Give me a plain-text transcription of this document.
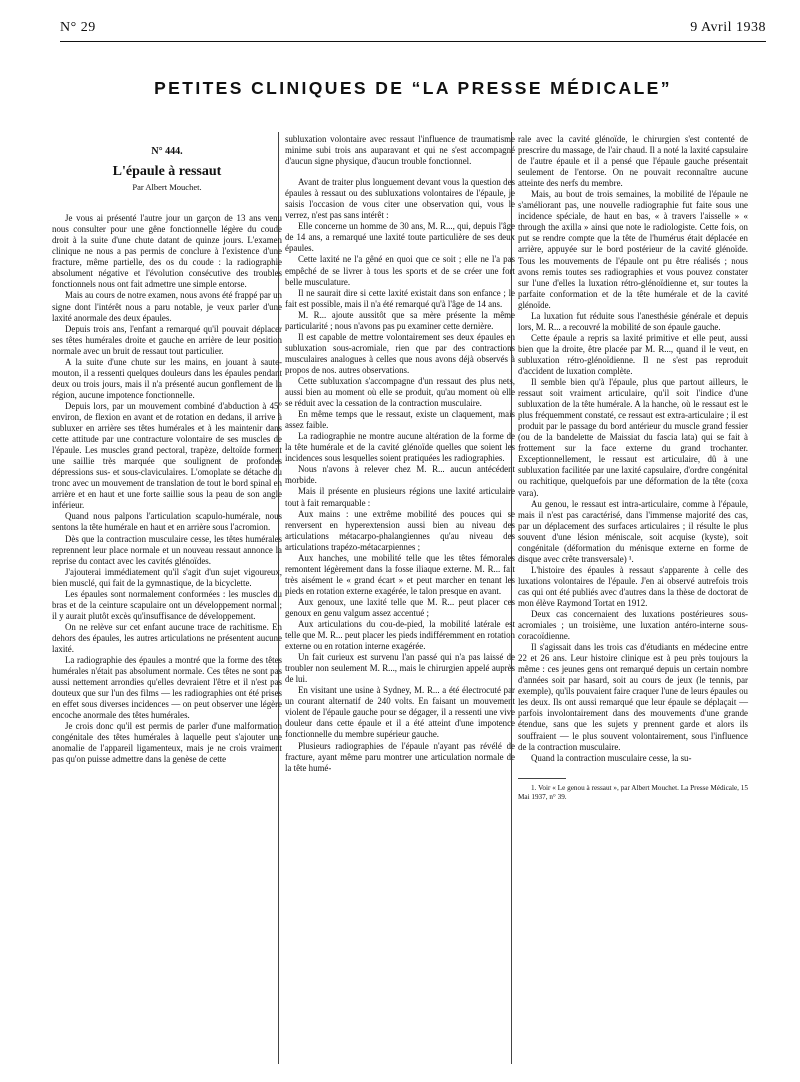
N° 29	9 Avril 1938
PETITES CLINIQUES DE “LA PRESSE MÉDICALE”
N° 444.
L'épaule à ressaut
Par Albert Mouchet.

Je vous ai présenté l'autre jour un garçon de 13 ans venu nous consulter pour une gêne fonctionnelle légère du coude droit à la suite d'une chute datant de quinze jours. L'examen clinique ne nous a pas permis de conclure à l'existence d'une fracture, même partielle, des os du coude : la radiographie absolument négative et l'évolution consécutive des troubles fonctionnels nous ont fait admettre une simple entorse.

Mais au cours de notre examen, nous avons été frappé par un signe dont l'intérêt nous a paru notable, je veux parler d'une laxité anormale des deux épaules.

Depuis trois ans, l'enfant a remarqué qu'il pouvait déplacer ses têtes humérales droite et gauche en arrière de leur position normale avec un bruit de ressaut tout particulier.

A la suite d'une chute sur les mains, en jouant à saute-mouton, il a ressenti quelques douleurs dans les épaules pendant deux ou trois jours, mais il n'a présenté aucun gonflement de la région, aucune impotence fonctionnelle.

Depuis lors, par un mouvement combiné d'abduction à 45° environ, de flexion en avant et de rotation en dedans, il arrive à subluxer en arrière ses têtes humérales et à les maintenir dans cette attitude par une contracture volontaire de ses muscles de l'épaule. Les muscles grand pectoral, trapèze, deltoïde forment une saillie très marquée que soulignent de profondes dépressions sus- et sous-claviculaires. L'omoplate se détache du tronc avec un mouvement de translation de tout le bord spinal en arrière et en haut et une forte saillie sous la peau de son angle inférieur.

Quand nous palpons l'articulation scapulo-humérale, nous sentons la tête humérale en haut et en arrière sous l'acromion.

Dès que la contraction musculaire cesse, les têtes humérales reprennent leur place normale et un nouveau ressaut annonce la reprise du contact avec les cavités glénoïdes.

J'ajouterai immédiatement qu'il s'agit d'un sujet vigoureux, bien musclé, qui fait de la gymnastique, de la bicyclette.

Les épaules sont normalement conformées : les muscles du bras et de la ceinture scapulaire ont un développement normal ; il y aurait plutôt excès qu'insuffisance de développement.

On ne relève sur cet enfant aucune trace de rachitisme. En dehors des épaules, les autres articulations ne présentent aucune laxité.

La radiographie des épaules a montré que la forme des têtes humérales n'était pas absolument normale. Ces têtes ne sont pas aussi nettement arrondies qu'elles devraient l'être et il n'est pas douteux que sur l'un des films — les radiographies ont été prises en effet sous diverses incidences — on peut observer une légère encoche anormale des têtes humérales.

Je crois donc qu'il est permis de parler d'une malformation congénitale des têtes humérales à laquelle peut s'ajouter une anomalie de l'appareil ligamenteux, mais je ne crois vraiment pas qu'on puisse admettre dans la genèse de cette

subluxation volontaire avec ressaut l'influence de traumatisme minime subi trois ans auparavant et qui ne s'est accompagné d'aucun signe physique, d'aucun trouble fonctionnel.

Avant de traiter plus longuement devant vous la question des épaules à ressaut ou des subluxations volontaires de l'épaule, je saisis l'occasion de vous citer une observation qui, vous le verrez, n'est pas sans intérêt :

Elle concerne un homme de 30 ans, M. R..., qui, depuis l'âge de 14 ans, a remarqué une laxité toute particulière de ses deux épaules.

Cette laxité ne l'a gêné en quoi que ce soit ; elle ne l'a pas empêché de se livrer à tous les sports et de se créer une fort belle musculature.

Il ne saurait dire si cette laxité existait dans son enfance ; le fait est possible, mais il n'a été remarqué qu'à l'âge de 14 ans.

M. R... ajoute aussitôt que sa mère présente la même particularité ; nous n'avons pas pu examiner cette dernière.

Il est capable de mettre volontairement ses deux épaules en subluxation sous-acromiale, rien que par des contractions musculaires analogues à celles que nous avons déjà observés à propos de nos. autres observations.

Cette subluxation s'accompagne d'un ressaut des plus nets, aussi bien au moment où elle se produit, qu'au moment où elle se réduit avec la cessation de la contraction musculaire.

En même temps que le ressaut, existe un claquement, mais assez faible.

La radiographie ne montre aucune altération de la forme de la tête humérale et de la cavité glénoïde quelles que soient les incidences sous lesquelles soient pratiquées les radiographies.

Nous n'avons à relever chez M. R... aucun antécédent morbide.

Mais il présente en plusieurs régions une laxité articulaire tout à fait remarquable :

Aux mains : une extrême mobilité des pouces qui se renversent en hyperextension aussi bien au niveau des articulations métacarpo-phalangiennes qu'au niveau des articulations trapézo-métacarpiennes ;

Aux hanches, une mobilité telle que les têtes fémorales remontent légèrement dans la fosse iliaque externe. M. R... fait très aisément le « grand écart » et peut marcher en tenant les pieds en rotation externe exagérée, le talon presque en avant.

Aux genoux, une laxité telle que M. R... peut placer ces genoux en genu valgum assez accentué ;

Aux articulations du cou-de-pied, la mobilité latérale est telle que M. R... peut placer les pieds indifféremment en rotation externe ou en rotation interne exagérée.

Un fait curieux est survenu l'an passé qui n'a pas laissé de troubler non seulement M. R..., mais le chirurgien appelé auprès de lui.

En visitant une usine à Sydney, M. R... a été électrocuté par un courant alternatif de 240 volts. En faisant un mouvement violent de l'épaule gauche pour se dégager, il a ressenti une vive douleur dans cette épaule et il a été atteint d'une impotence fonctionnelle du membre supérieur gauche.

Plusieurs radiographies de l'épaule n'ayant pas révélé de fracture, ayant même paru montrer une articulation normale de la tête humé-

rale avec la cavité glénoïde, le chirurgien s'est contenté de prescrire du massage, de l'air chaud. Il a noté la laxité capsulaire de l'autre épaule et il a pensé que l'épaule gauche présentait seulement de l'entorse. On ne pouvait reconnaître aucune atteinte des nerfs du membre.

Mais, au bout de trois semaines, la mobilité de l'épaule ne s'améliorant pas, une nouvelle radiographie fut faite sous une incidence spéciale, de haut en bas, « à travers l'aisselle » « through the axilla » ainsi que note le radiologiste. Cette fois, on put se rendre compte que la tête de l'humérus était déplacée en arrière, appuyée sur le bord postérieur de la cavité glénoïde. Tous les mouvements de l'épaule ont pu être réalisés ; nous avons remis toutes ses radiographies et vous pouvez constater sur l'une d'elles la luxation rétro-glénoïdienne et, sur toutes la parfaite conformation et de la tête humérale et de la cavité glénoïde.

La luxation fut réduite sous l'anesthésie générale et depuis lors, M. R... a recouvré la mobilité de son épaule gauche.

Cette épaule a repris sa laxité primitive et elle peut, aussi bien que la droite, être placée par M. R..., quand il le veut, en subluxation rétro-glénoïdienne. Il ne s'est pas reproduit d'accident de luxation complète.

Il semble bien qu'à l'épaule, plus que partout ailleurs, le ressaut soit vraiment articulaire, qu'il soit l'indice d'une subluxation de la tête humérale. A la hanche, où le ressaut est le plus fréquemment constaté, ce ressaut est extra-articulaire ; il est produit par le passage du bord antérieur du muscle grand fessier (ou de la bandelette de Maissiat du fascia lata) qui se fait à frottement sur la face externe du grand trochanter. Exceptionnellement, le ressaut est articulaire, dû à une subluxation facilitée par une laxité capsulaire, d'ordre congénital ou rachitique, quelquefois par une déformation de la tête (coxa vara).

Au genou, le ressaut est intra-articulaire, comme à l'épaule, mais il n'est pas caractérisé, dans l'immense majorité des cas, par un déplacement des surfaces articulaires ; il résulte le plus souvent d'une lésion méniscale, soit acquise (kyste), soit congénitale (déformation du ménisque externe en forme de disque avec crête transversale) ¹.

L'histoire des épaules à ressaut s'apparente à celle des luxations volontaires de l'épaule. J'en ai observé autrefois trois cas qui ont été publiés avec d'autres dans la thèse de doctorat de mon élève Raymond Tortat en 1912.

Deux cas concernaient des luxations postérieures sous-acromiales ; un troisième, une luxation antéro-interne sous-coracoïdienne.

Il s'agissait dans les trois cas d'étudiants en médecine entre 22 et 26 ans. Leur histoire clinique est à peu près toujours la même : ces jeunes gens ont remarqué depuis un certain nombre d'années soit par hasard, soit au cours de jeux (le tennis, par exemple), qu'ils pouvaient faire craquer l'une de leurs épaules ou les deux. Ils ont aussi remarqué que leur épaule se déplaçait — parfois involontairement dans des mouvements d'une grande étendue, sans que les sujets y prennent garde et alors ils souffraient — le plus souvent volontairement, sous l'influence de la contraction musculaire.

Quand la contraction musculaire cesse, la su-

1. Voir « Le genou à ressaut », par Albert Mouchet. La Presse Médicale, 15 Mai 1937, n° 39.
